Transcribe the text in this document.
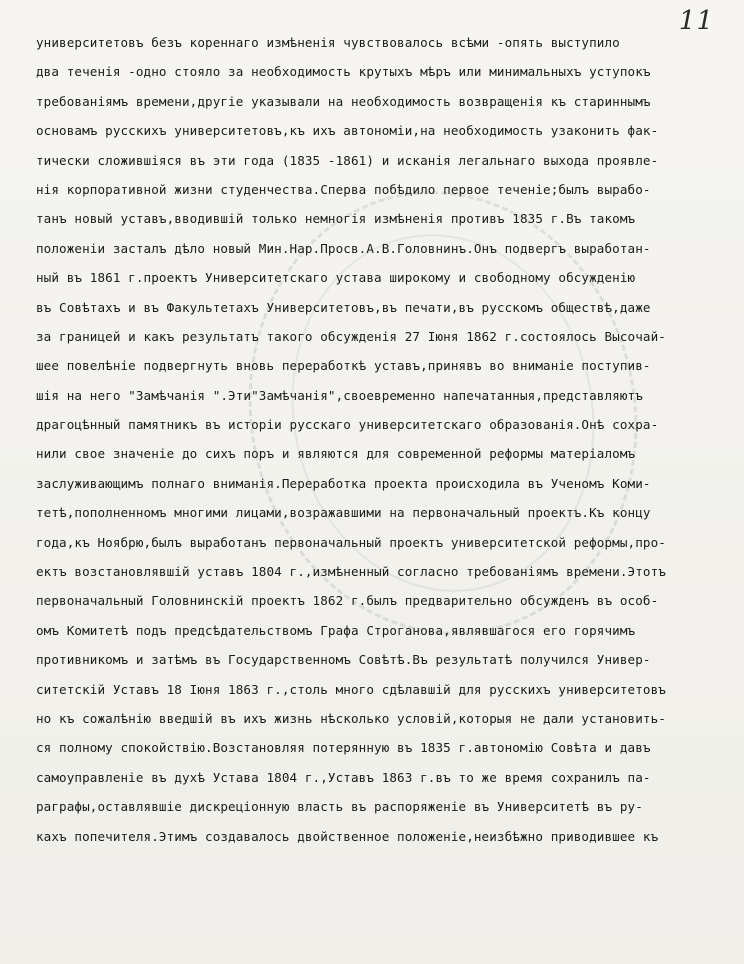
11
университетовъ безъ кореннаго измѣненія чувствовалось всѣми -опять выступило
два теченія -одно стояло за необходимость крутыхъ мѣръ или минимальныхъ уступокъ
требованіямъ времени,другіе указывали на необходимость возвращенія къ стариннымъ
основамъ русскихъ университетовъ,къ ихъ автономіи,на необходимость узаконить фак-
тически сложившіяся въ эти года (1835 -1861) и исканія легальнаго выхода проявле-
нія корпоративной жизни студенчества.Сперва побѣдило первое теченіе;былъ вырабо-
танъ новый уставъ,вводившій только немногія измѣненія противъ 1835 г.Въ такомъ
положеніи засталъ дѣло новый Мин.Нар.Просв.А.В.Головнинъ.Онъ подвергъ выработан-
ный въ 1861 г.проектъ Университетскаго устава широкому и свободному обсужденію
въ Совѣтахъ и въ Факультетахъ Университетовъ,въ печати,въ русскомъ обществѣ,даже
за границей и какъ результатъ такого обсужденія 27 Іюня 1862 г.состоялось Высочай-
шее повелѣніе подвергнуть вновь переработкѣ уставъ,принявъ во вниманіе поступив-
шія на него "Замѣчанія ".Эти"Замѣчанія",своевременно напечатанныя,представляютъ
драгоцѣнный памятникъ въ исторіи русскаго университетскаго образованія.Онѣ сохра-
нили свое значеніе до сихъ поръ и являются для современной реформы матеріаломъ
заслуживающимъ полнаго вниманія.Переработка проекта происходила въ Ученомъ Коми-
тетѣ,пополненномъ многими лицами,возражавшими на первоначальный проектъ.Къ концу
года,къ Ноябрю,былъ выработанъ первоначальный проектъ университетской реформы,про-
ектъ возстановлявшій уставъ 1804 г.,измѣненный согласно требованіямъ времени.Этотъ
первоначальный Головнинскій проектъ 1862 г.былъ предварительно обсужденъ въ особ-
омъ Комитетѣ подъ предсѣдательствомъ Графа Строганова,являвшагося его горячимъ
противникомъ и затѣмъ въ Государственномъ Совѣтѣ.Въ результатѣ получился Универ-
ситетскій Уставъ 18 Іюня 1863 г.,столь много сдѣлавшій для русскихъ университетовъ
но къ сожалѣнію введшій въ ихъ жизнь нѣсколько условій,которыя не дали установить-
ся полному спокойствію.Возстановляя потерянную въ 1835 г.автономію Совѣта и давъ
самоуправленіе въ духѣ Устава 1804 г.,Уставъ 1863 г.въ то же время сохранилъ па-
раграфы,оставлявшіе дискреціонную власть въ распоряженіе въ Университетѣ въ ру-
кахъ попечителя.Этимъ создавалось двойственное положеніе,неизбѣжно приводившее къ
